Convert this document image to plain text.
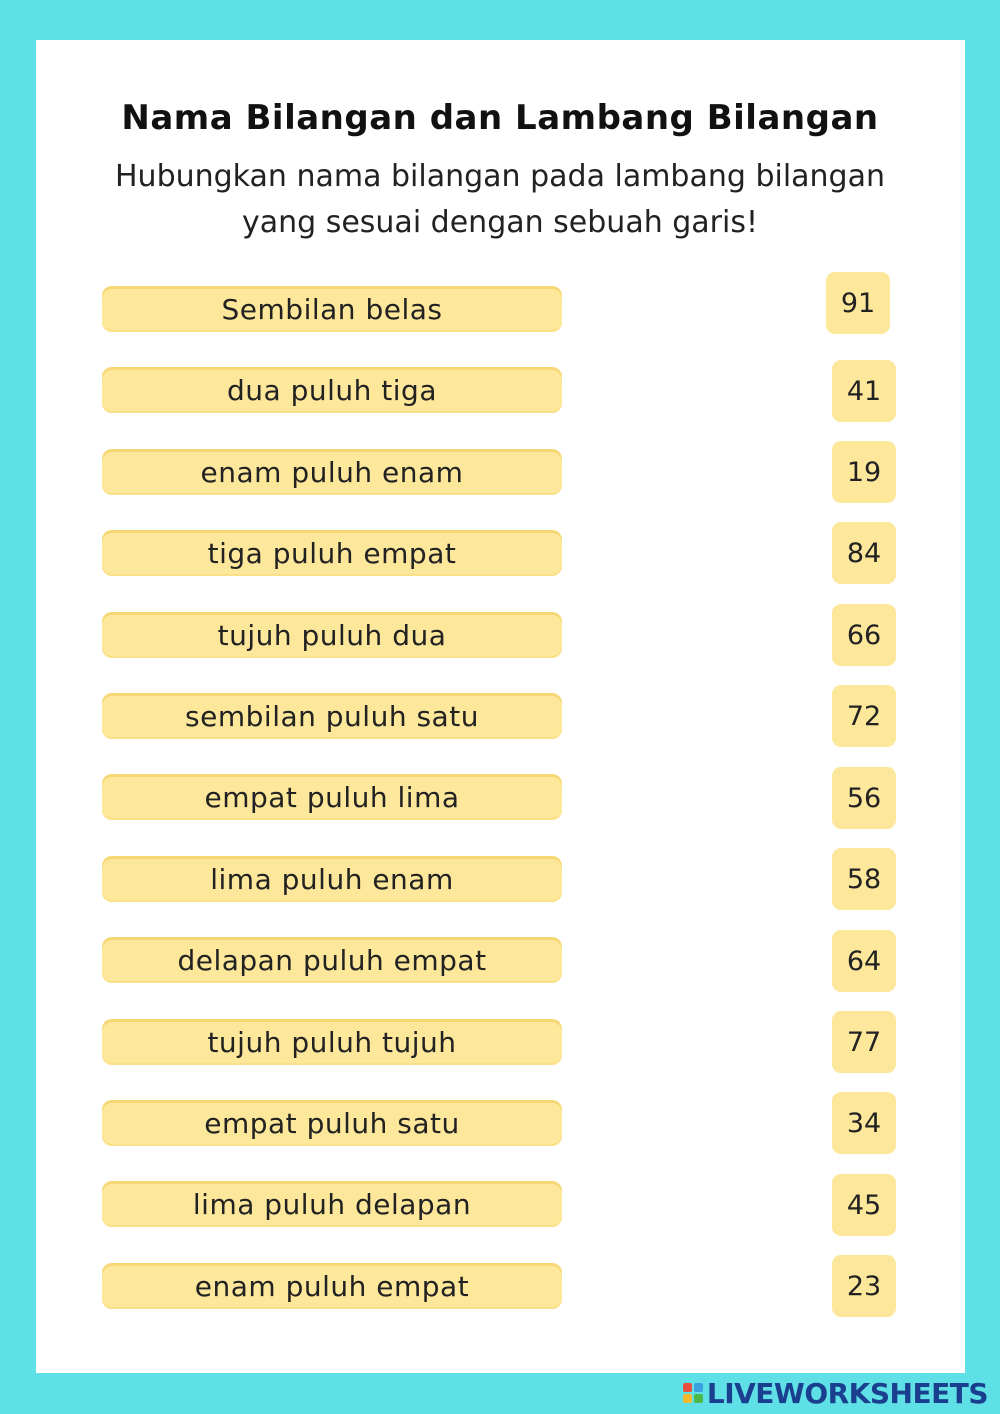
Nama Bilangan dan Lambang Bilangan
Hubungkan nama bilangan pada lambang bilangan
yang sesuai dengan sebuah garis!
Sembilan belas
dua puluh tiga
enam puluh enam
tiga puluh empat
tujuh puluh dua
sembilan puluh satu
empat puluh lima
lima puluh enam
delapan puluh empat
tujuh puluh tujuh
empat puluh satu
lima puluh delapan
enam puluh empat
91
41
19
84
66
72
56
58
64
77
34
45
23
LIVEWORKSHEETS
